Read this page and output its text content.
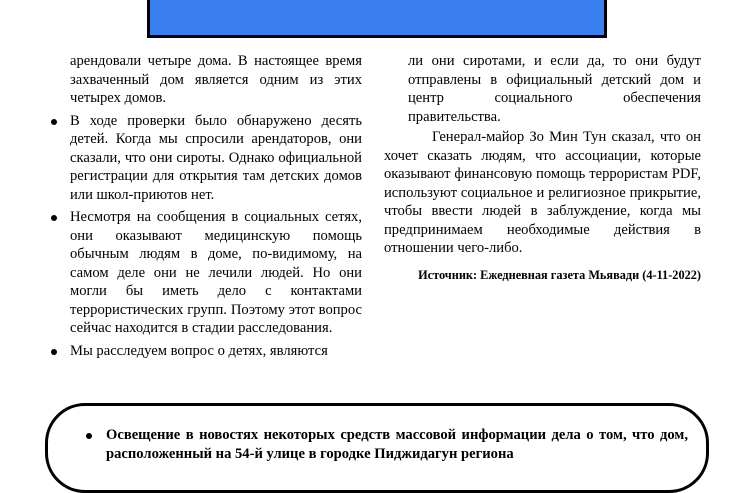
арендовали четыре дома. В настоящее время захваченный дом является одним из этих четырех домов.

В ходе проверки было обнаружено десять детей. Когда мы спросили арендаторов, они сказали, что они сироты. Однако официальной регистрации для открытия там детских домов или школ-приютов нет.
Несмотря на сообщения в социальных сетях, они оказывают медицинскую помощь обычным людям в доме, по-видимому, на самом деле они не лечили людей. Но они могли бы иметь дело с контактами террористических групп. Поэтому этот вопрос сейчас находится в стадии расследования.
Мы расследуем вопрос о детях, являются

ли они сиротами, и если да, то они будут отправлены в официальный детский дом и центр социального обеспечения правительства.

Генерал-майор Зо Мин Тун сказал, что он хочет сказать людям, что ассоциации, которые оказывают финансовую помощь террористам PDF, используют социальное и религиозное прикрытие, чтобы ввести людей в заблуждение, когда мы предпринимаем необходимые действия в отношении чего-либо.

Источник: Ежедневная газета Мьявади (4-11-2022)
Освещение в новостях некоторых средств массовой информации дела о том, что дом, расположенный на 54-й улице в городке Пиджидагун региона
